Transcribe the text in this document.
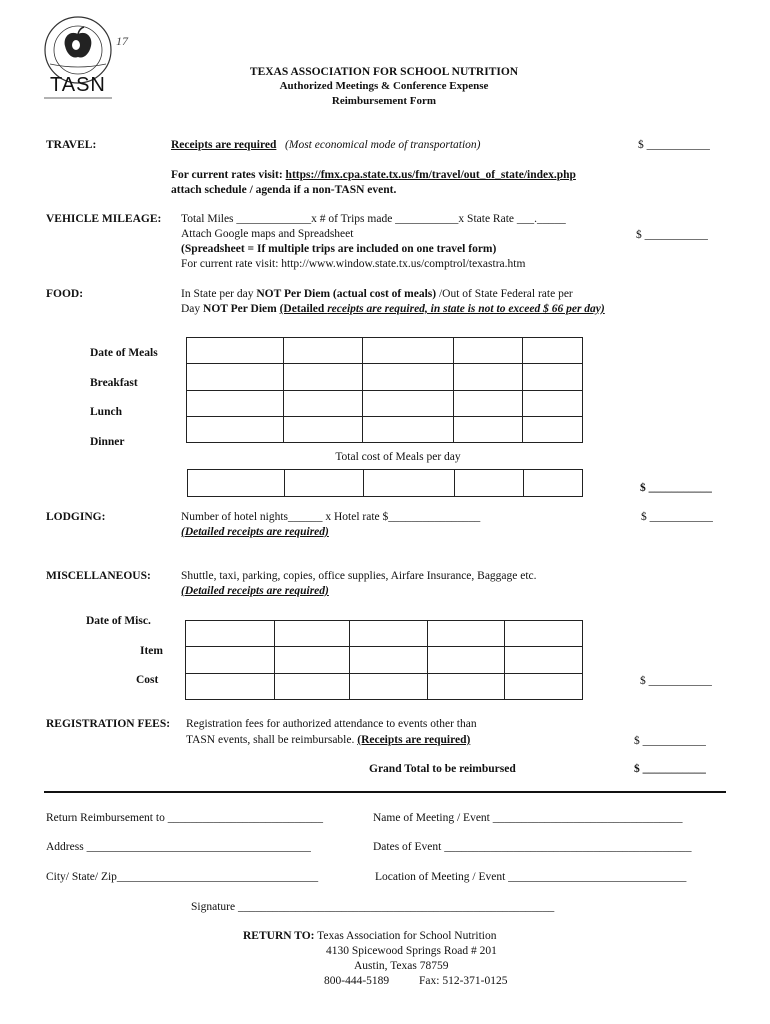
TASN
17
TEXAS ASSOCIATION FOR SCHOOL NUTRITION
Authorized Meetings & Conference Expense
Reimbursement Form
TRAVEL:	Receipts are required (Most economical mode of transportation)	$ ___________
For current rates visit: https://fmx.cpa.state.tx.us/fm/travel/out_of_state/index.php
attach schedule / agenda if a non-TASN event.
VEHICLE MILEAGE: Total Miles _____________x # of Trips made ___________x State Rate ___._____
Attach Google maps and Spreadsheet
(Spreadsheet = If multiple trips are included on one travel form)
For current rate visit: http://www.window.state.tx.us/comptrol/texastra.htm
$ ___________
FOOD:	In State per day NOT Per Diem (actual cost of meals) /Out of State Federal rate per
Day NOT Per Diem (Detailed receipts are required, in state is not to exceed $ 66 per day)
Date of Meals
Breakfast
Lunch
Dinner

Total cost of Meals per day

$ ___________
LODGING:	Number of hotel nights______ x Hotel rate $________________
(Detailed receipts are required)
$ ___________
MISCELLANEOUS:	Shuttle, taxi, parking, copies, office supplies, Airfare Insurance, Baggage etc.
(Detailed receipts are required)
Date of Misc.
Item
Cost

					$ ___________
REGISTRATION FEES: Registration fees for authorized attendance to events other than
TASN events, shall be reimbursable. (Receipts are required)	$ ___________
Grand Total to be reimbursed	$ ___________
Return Reimbursement to ___________________________	Name of Meeting / Event _________________________________
Address _______________________________________	Dates of Event ___________________________________________
City/ State/ Zip___________________________________	Location of Meeting / Event _______________________________
Signature _______________________________________________________
RETURN TO: Texas Association for School Nutrition
4130 Spicewood Springs Road # 201
Austin, Texas 78759
800-444-5189	Fax: 512-371-0125
